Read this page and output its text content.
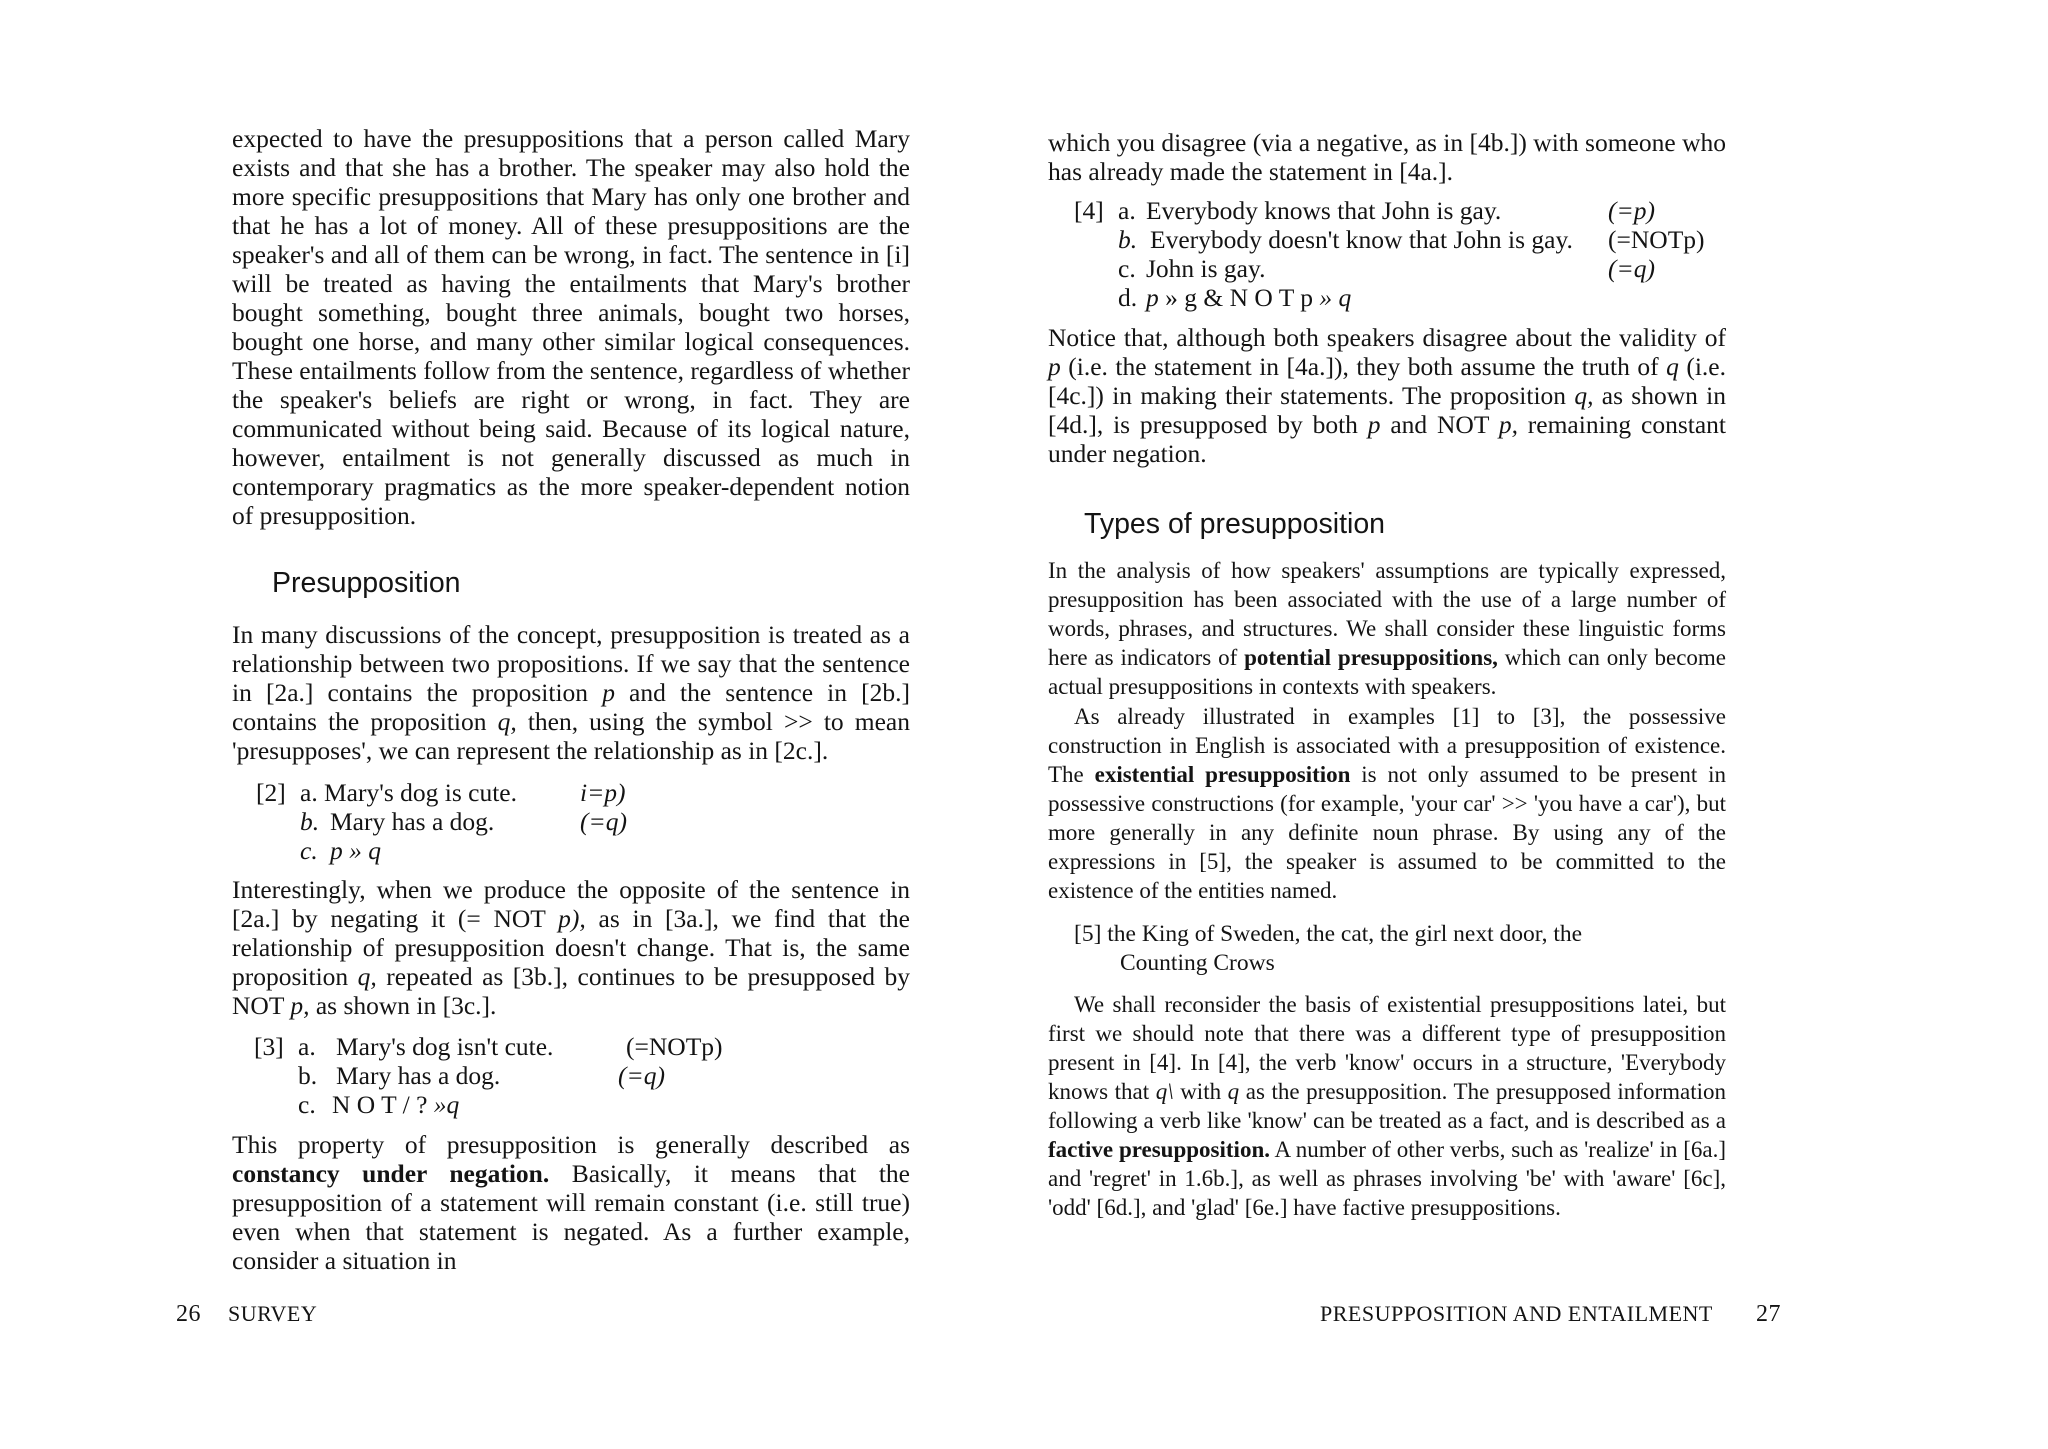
expected to have the presuppositions that a person called Mary exists and that she has a brother. The speaker may also hold the more specific presuppositions that Mary has only one brother and that he has a lot of money. All of these presuppositions are the speaker's and all of them can be wrong, in fact. The sentence in [i] will be treated as having the entailments that Mary's brother bought something, bought three animals, bought two horses, bought one horse, and many other similar logical consequences. These entailments follow from the sentence, regardless of whether the speaker's beliefs are right or wrong, in fact. They are communicated without being said. Because of its logical nature, however, entailment is not generally discussed as much in contemporary pragmatics as the more speaker-dependent notion of presupposition.

Presupposition

In many discussions of the concept, presupposition is treated as a relationship between two propositions. If we say that the sentence in [2a.] contains the proposition p and the sentence in [2b.] contains the proposition q, then, using the symbol >> to mean 'presupposes', we can represent the relationship as in [2c.].

[2] a. Mary's dog is cute. i=p)
b. Mary has a dog.	(=q)
c. p » q

Interestingly, when we produce the opposite of the sentence in [2a.] by negating it (= NOT p), as in [3a.], we find that the relationship of presupposition doesn't change. That is, the same proposition q, repeated as [3b.], continues to be presupposed by NOT p, as shown in [3c.].

[3] a. Mary's dog isn't cute.	(=NOTp)
b. Mary has a dog.	(=q)
c. N O T / ? »q

This property of presupposition is generally described as constancy under negation. Basically, it means that the presupposition of a statement will remain constant (i.e. still true) even when that statement is negated. As a further example, consider a situation in

26 SURVEY

which you disagree (via a negative, as in [4b.]) with someone who has already made the statement in [4a.].

[4] a. Everybody knows that John is gay.	(=p)
b. Everybody doesn't know that John is gay. (=NOTp)
c. John is gay.	(=q)
d. p » g & N O T p » q

Notice that, although both speakers disagree about the validity of p (i.e. the statement in [4a.]), they both assume the truth of q (i.e. [4c.]) in making their statements. The proposition q, as shown in [4d.], is presupposed by both p and NOT p, remaining constant under negation.

Types of presupposition

In the analysis of how speakers' assumptions are typically expressed, presupposition has been associated with the use of a large number of words, phrases, and structures. We shall consider these linguistic forms here as indicators of potential presuppositions, which can only become actual presuppositions in contexts with speakers.

As already illustrated in examples [1] to [3], the possessive construction in English is associated with a presupposition of existence. The existential presupposition is not only assumed to be present in possessive constructions (for example, 'your car' >> 'you have a car'), but more generally in any definite noun phrase. By using any of the expressions in [5], the speaker is assumed to be committed to the existence of the entities named.

[5] the King of Sweden, the cat, the girl next door, the
Counting Crows

We shall reconsider the basis of existential presuppositions latei, but first we should note that there was a different type of presupposition present in [4]. In [4], the verb 'know' occurs in a structure, 'Everybody knows that q\ with q as the presupposition. The presupposed information following a verb like 'know' can be treated as a fact, and is described as a factive presupposition. A number of other verbs, such as 'realize' in [6a.] and 'regret' in 1.6b.], as well as phrases involving 'be' with 'aware' [6c], 'odd' [6d.], and 'glad' [6e.] have factive presuppositions.

PRESUPPOSITION AND ENTAILMENT 27
